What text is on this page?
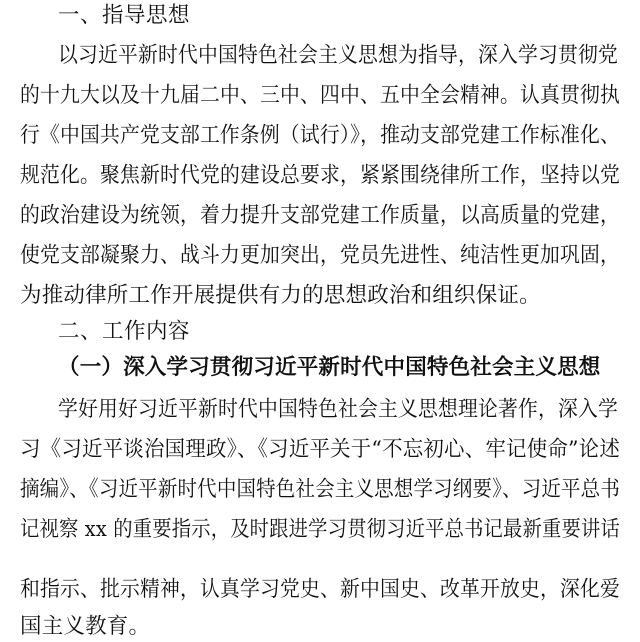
一、指导思想
以习近平新时代中国特色社会主义思想为指导，深入学习贯彻党
的十九大以及十九届二中、三中、四中、五中全会精神。认真贯彻执
行《中国共产党支部工作条例（试行）》，推动支部党建工作标准化、
规范化。聚焦新时代党的建设总要求，紧紧围绕律所工作，坚持以党
的政治建设为统领，着力提升支部党建工作质量，以高质量的党建，
使党支部凝聚力、战斗力更加突出，党员先进性、纯洁性更加巩固，
为推动律所工作开展提供有力的思想政治和组织保证。
二、工作内容
（一）深入学习贯彻习近平新时代中国特色社会主义思想
学好用好习近平新时代中国特色社会主义思想理论著作，深入学
习《习近平谈治国理政》、《习近平关于“不忘初心、牢记使命”论述
摘编》、《习近平新时代中国特色社会主义思想学习纲要》、习近平总书
记视察 xx 的重要指示，及时跟进学习贯彻习近平总书记最新重要讲话
和指示、批示精神，认真学习党史、新中国史、改革开放史，深化爱
国主义教育。
